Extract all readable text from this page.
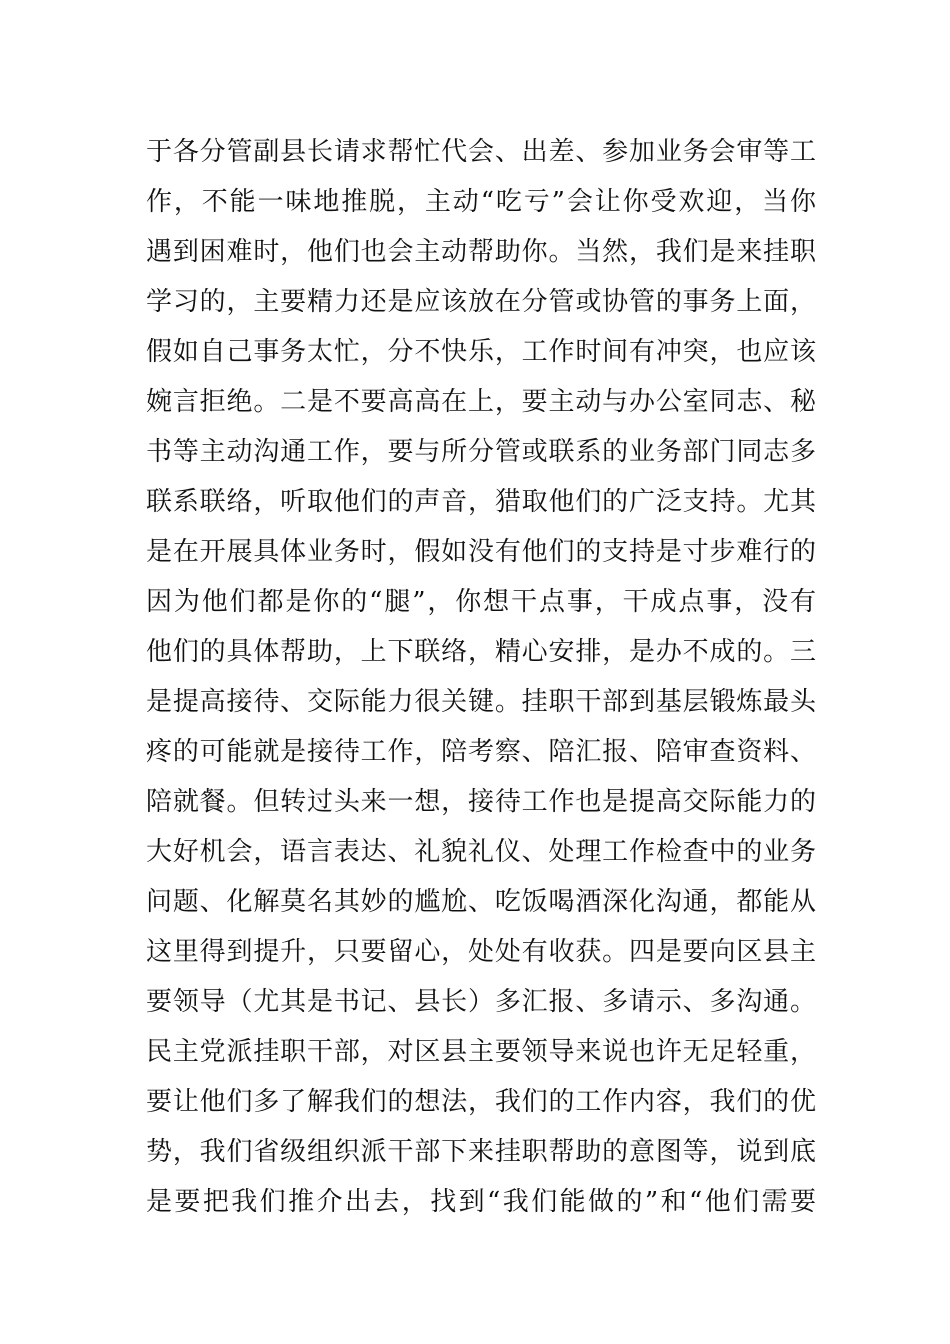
于各分管副县长请求帮忙代会、出差、参加业务会审等工
作，不能一味地推脱，主动“吃亏”会让你受欢迎，当你
遇到困难时，他们也会主动帮助你。当然，我们是来挂职
学习的，主要精力还是应该放在分管或协管的事务上面，
假如自己事务太忙，分不快乐，工作时间有冲突，也应该
婉言拒绝。二是不要高高在上，要主动与办公室同志、秘
书等主动沟通工作，要与所分管或联系的业务部门同志多
联系联络，听取他们的声音，猎取他们的广泛支持。尤其
是在开展具体业务时，假如没有他们的支持是寸步难行的
因为他们都是你的“腿”，你想干点事，干成点事，没有
他们的具体帮助，上下联络，精心安排，是办不成的。三
是提高接待、交际能力很关键。挂职干部到基层锻炼最头
疼的可能就是接待工作，陪考察、陪汇报、陪审查资料、
陪就餐。但转过头来一想，接待工作也是提高交际能力的
大好机会，语言表达、礼貌礼仪、处理工作检查中的业务
问题、化解莫名其妙的尴尬、吃饭喝酒深化沟通，都能从
这里得到提升，只要留心，处处有收获。四是要向区县主
要领导（尤其是书记、县长）多汇报、多请示、多沟通。
民主党派挂职干部，对区县主要领导来说也许无足轻重，
要让他们多了解我们的想法，我们的工作内容，我们的优
势，我们省级组织派干部下来挂职帮助的意图等，说到底
是要把我们推介出去，找到“我们能做的”和“他们需要
